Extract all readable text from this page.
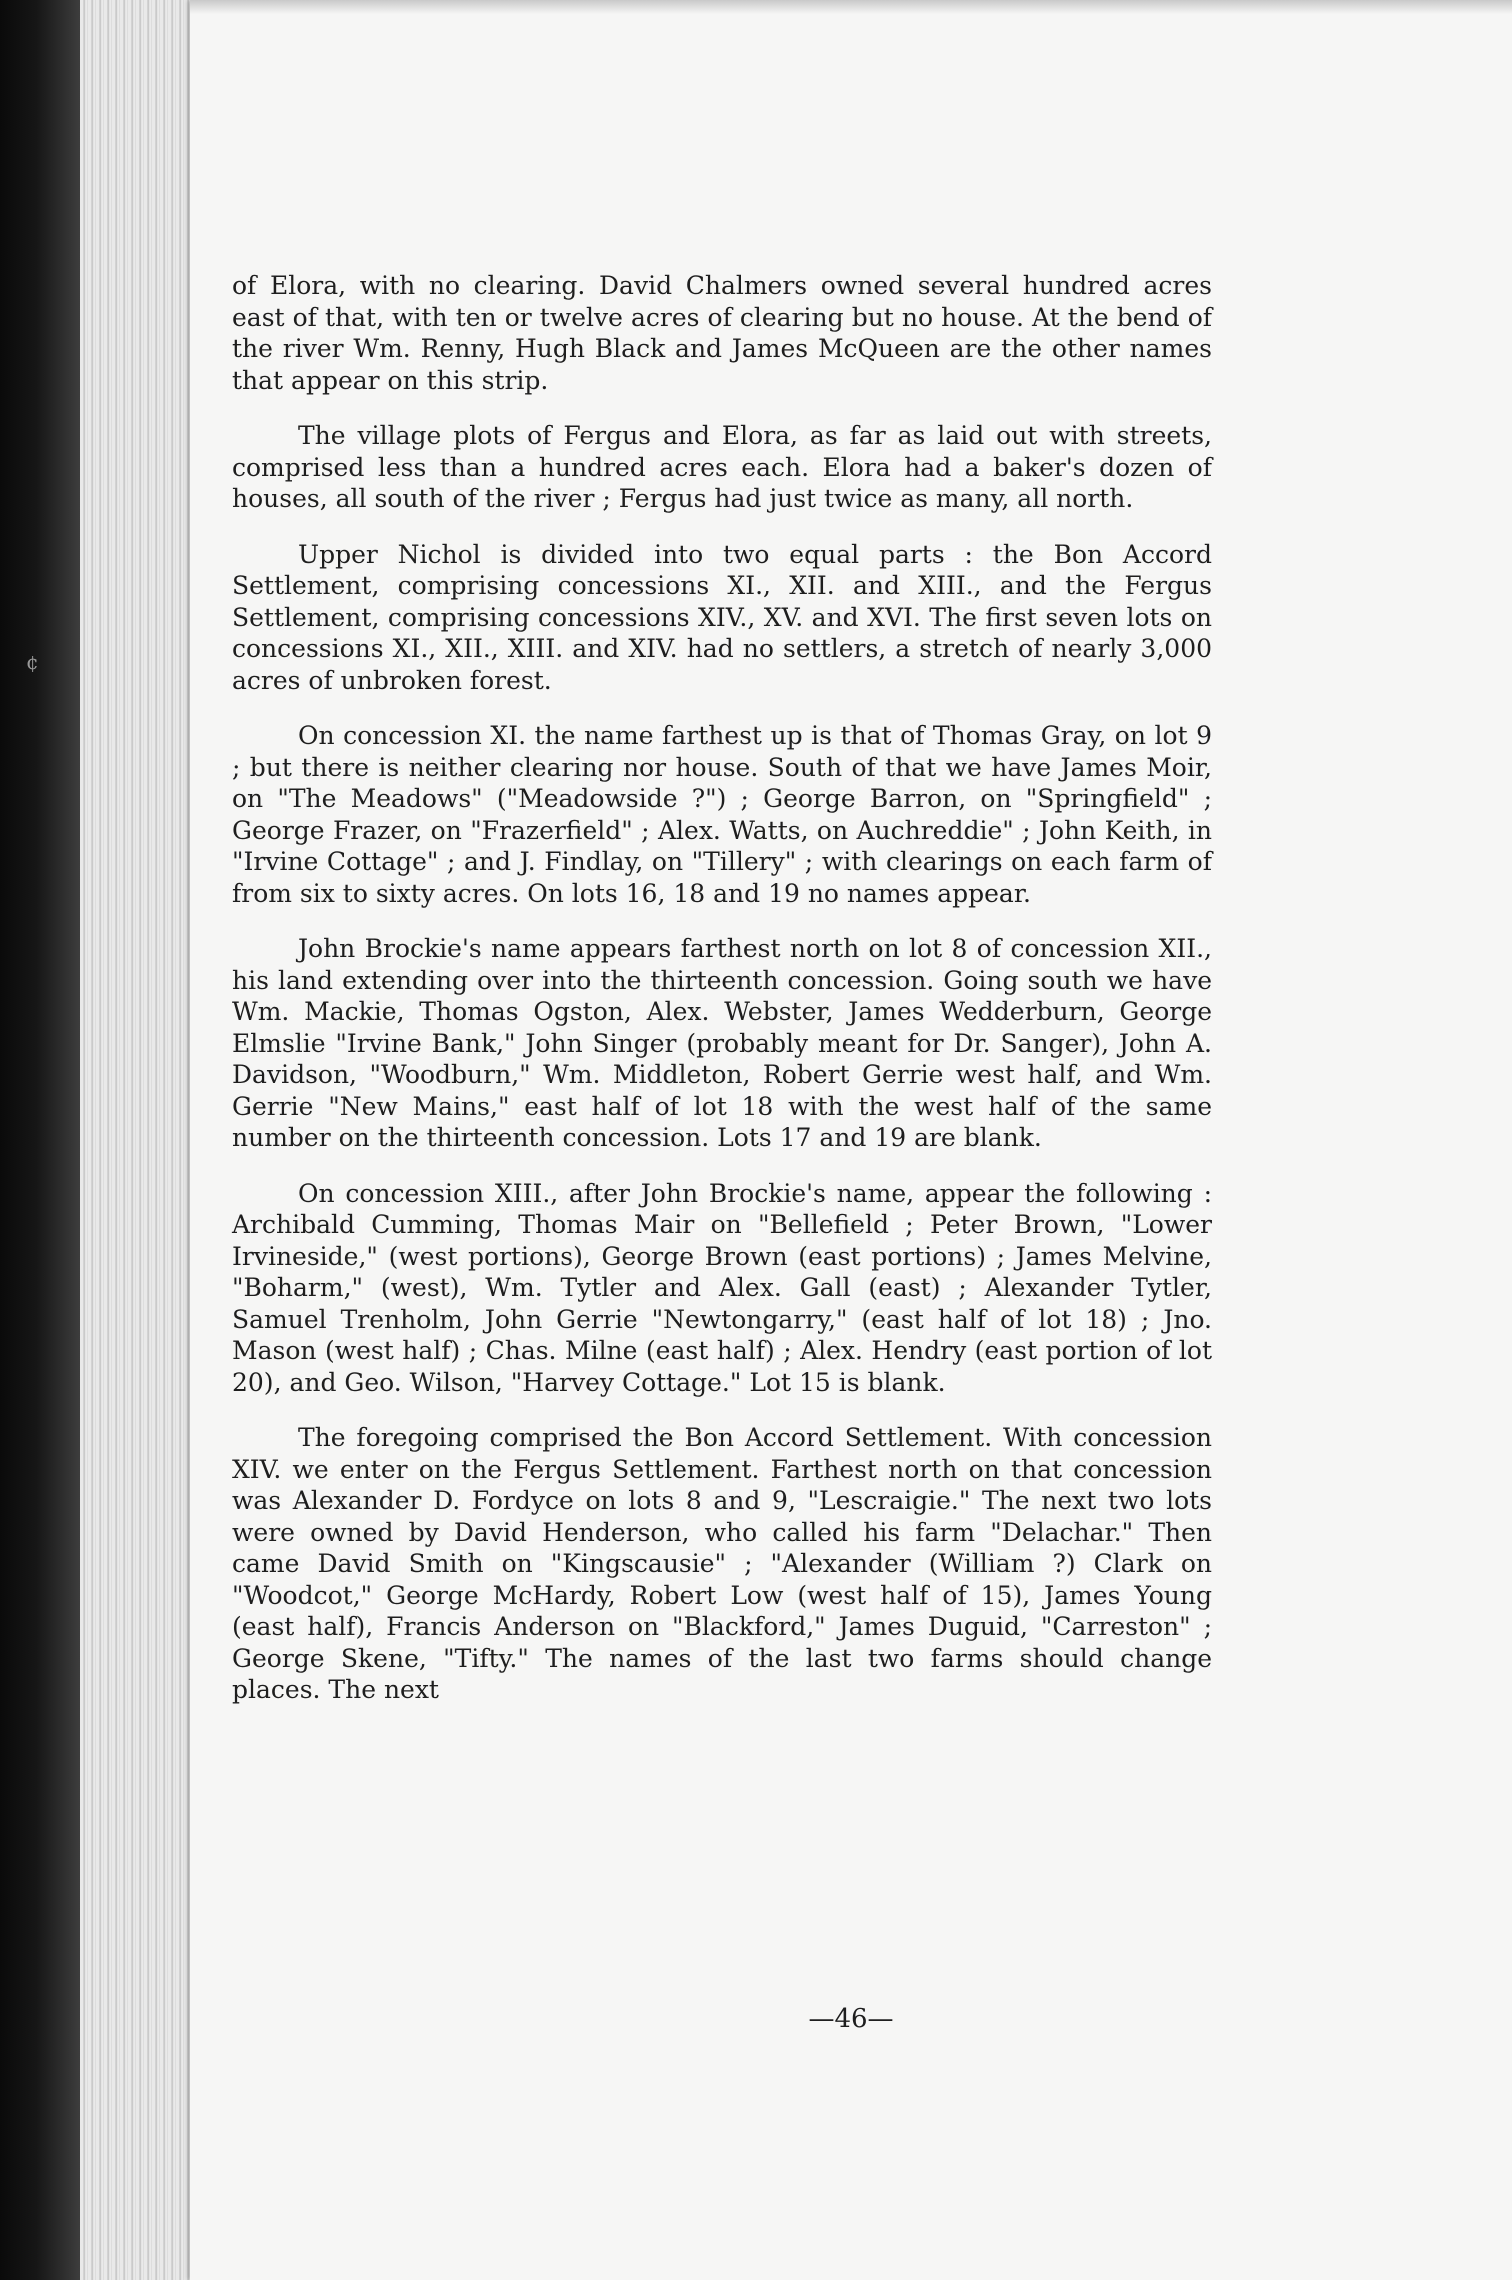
¢

of Elora, with no clearing. David Chalmers owned several hundred acres east of that, with ten or twelve acres of clearing but no house. At the bend of the river Wm. Renny, Hugh Black and James McQueen are the other names that appear on this strip.

The village plots of Fergus and Elora, as far as laid out with streets, comprised less than a hundred acres each. Elora had a baker's dozen of houses, all south of the river ; Fergus had just twice as many, all north.

Upper Nichol is divided into two equal parts : the Bon Accord Settlement, comprising concessions XI., XII. and XIII., and the Fergus Settlement, comprising concessions XIV., XV. and XVI. The first seven lots on concessions XI., XII., XIII. and XIV. had no settlers, a stretch of nearly 3,000 acres of unbroken forest.

On concession XI. the name farthest up is that of Thomas Gray, on lot 9 ; but there is neither clearing nor house. South of that we have James Moir, on "The Meadows" ("Meadowside ?") ; George Barron, on "Springfield" ; George Frazer, on "Frazerfield" ; Alex. Watts, on Auchreddie" ; John Keith, in "Irvine Cottage" ; and J. Findlay, on "Tillery" ; with clearings on each farm of from six to sixty acres. On lots 16, 18 and 19 no names appear.

John Brockie's name appears farthest north on lot 8 of concession XII., his land extending over into the thirteenth concession. Going south we have Wm. Mackie, Thomas Ogston, Alex. Webster, James Wedderburn, George Elmslie "Irvine Bank," John Singer (probably meant for Dr. Sanger), John A. Davidson, "Woodburn," Wm. Middleton, Robert Gerrie west half, and Wm. Gerrie "New Mains," east half of lot 18 with the west half of the same number on the thirteenth concession. Lots 17 and 19 are blank.

On concession XIII., after John Brockie's name, appear the following : Archibald Cumming, Thomas Mair on "Bellefield ; Peter Brown, "Lower Irvineside," (west portions), George Brown (east portions) ; James Melvine, "Boharm," (west), Wm. Tytler and Alex. Gall (east) ; Alexander Tytler, Samuel Trenholm, John Gerrie "Newtongarry," (east half of lot 18) ; Jno. Mason (west half) ; Chas. Milne (east half) ; Alex. Hendry (east portion of lot 20), and Geo. Wilson, "Harvey Cottage." Lot 15 is blank.

The foregoing comprised the Bon Accord Settlement. With concession XIV. we enter on the Fergus Settlement. Farthest north on that concession was Alexander D. Fordyce on lots 8 and 9, "Lescraigie." The next two lots were owned by David Henderson, who called his farm "Delachar." Then came David Smith on "Kingscausie" ; "Alexander (William ?) Clark on "Woodcot," George McHardy, Robert Low (west half of 15), James Young (east half), Francis Anderson on "Blackford," James Duguid, "Carreston" ; George Skene, "Tifty." The names of the last two farms should change places. The next

—46—
